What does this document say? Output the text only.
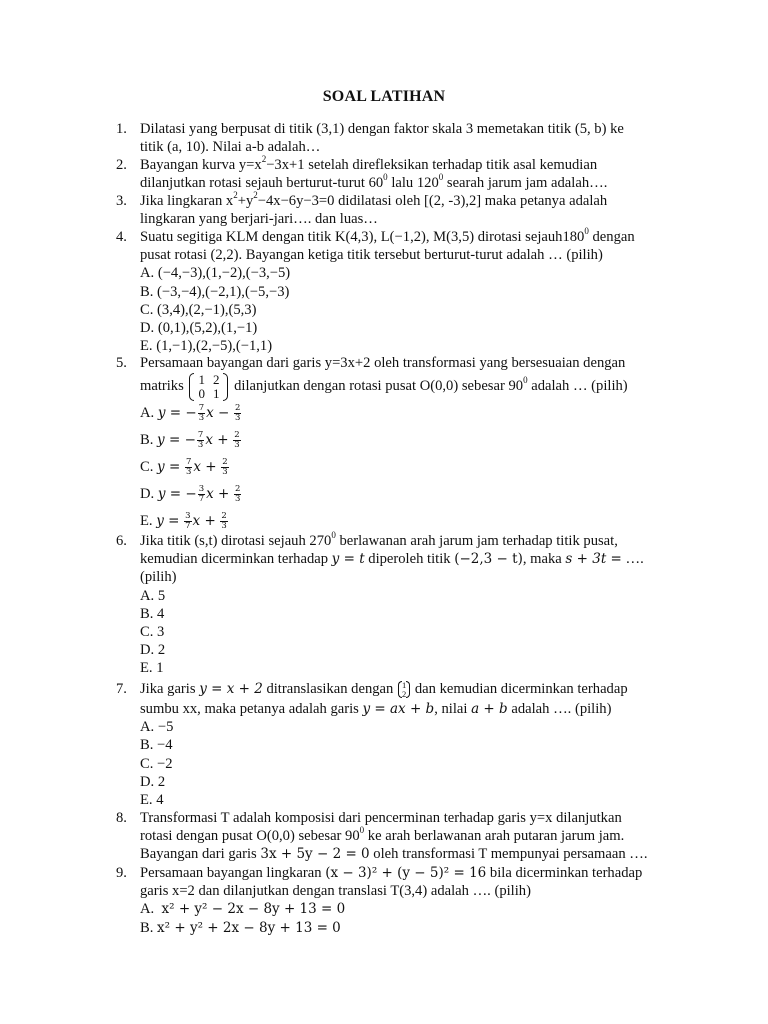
SOAL LATIHAN
1. Dilatasi yang berpusat di titik (3,1) dengan faktor skala 3 memetakan titik (5, b) ke
titik (a, 10). Nilai a-b adalah…
2. Bayangan kurva $y=x^2-3x+1$ setelah direfleksikan terhadap titik asal kemudian
dilanjutkan rotasi sejauh berturut-turut $60^0$ lalu $120^0$ searah jarum jam adalah….
3. Jika lingkaran $x^2+y^2-4x-6y-3=0$ didilatasi oleh [(2, -3),2] maka petanya adalah
lingkaran yang berjari-jari…. dan luas…
4. Suatu segitiga KLM dengan titik K(4,3), L(−1,2), M(3,5) dirotasi $sejauh180^0$ dengan
pusat rotasi (2,2). Bayangan ketiga titik tersebut berturut-turut adalah … (pilih)
A. (−4,−3),(1,−2),(−3,−5)
B. (−3,−4),(−2,1),(−5,−3)
C. (3,4),(2,−1),(5,3)
D. (0,1),(5,2),(1,−1)
E. (1,−1),(2,−5),(−1,1)
5. Persamaan bayangan dari garis y=3x+2 oleh transformasi yang bersesuaian dengan
matriks 1	2
0	1 dilanjutkan dengan rotasi pusat O(0,0) sebesar $90^0$ adalah … (pilih)
A. y = − $\frac{7}{3}$ $x - \frac{2}{3}$
B. y = − $\frac{7}{3}$ $x + \frac{2}{3}$
C. $y = \frac{7}{3}$ $x + \frac{2}{3}$
D. y = − $\frac{3}{7}$ $x + \frac{2}{3}$
E. $y = \frac{3}{7}$ $x + \frac{2}{3}$
6. Jika titik (s,t) dirotasi sejauh $270^0$ berlawanan arah jarum jam terhadap titik pusat,
kemudian dicerminkan terhadap y = t diperoleh titik (−2,3 − t), maka s + 3t = ….
(pilih)
A. 5
B. 4
C. 3
D. 2
E. 1
7. Jika garis y = x + 2 ditranslasikan dengan 1
2 dan kemudian dicerminkan terhadap
sumbu xx, maka petanya adalah garis y = ax + b, nilai a + b adalah …. (pilih)
A. −5
B. −4
C. −2
D. 2
E. 4
8. Transformasi T adalah komposisi dari pencerminan terhadap garis y=x dilanjutkan
rotasi dengan pusat O(0,0) sebesar $90^0$ ke arah berlawanan arah putaran jarum jam.
Bayangan dari garis 3x + 5y − 2 = 0 oleh transformasi T mempunyai persamaan ….
9. Persamaan bayangan lingkaran (x − 3)² + (y − 5)² = 16 bila dicerminkan terhadap
garis x=2 dan dilanjutkan dengan translasi T(3,4) adalah …. (pilih)
A. x² + y² − 2x − 8y + 13 = 0
B. x² + y² + 2x − 8y + 13 = 0
